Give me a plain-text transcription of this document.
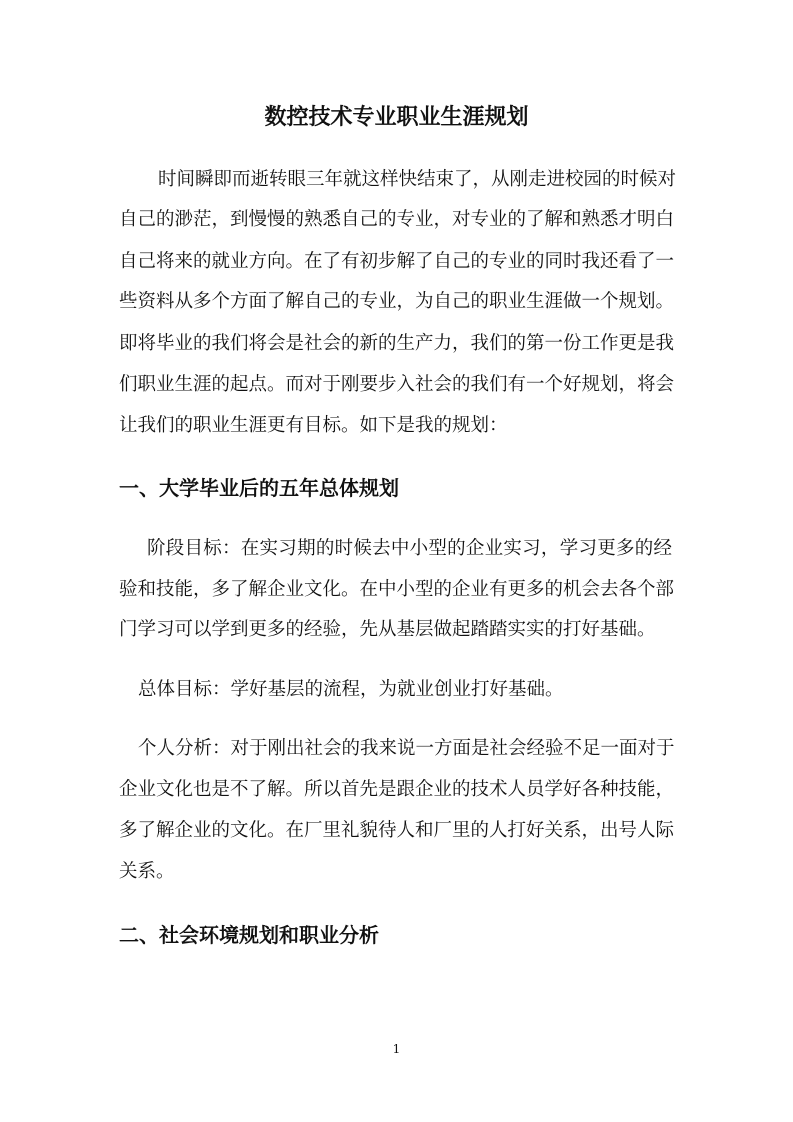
数控技术专业职业生涯规划
时间瞬即而逝转眼三年就这样快结束了，从刚走进校园的时候对
自己的渺茫，到慢慢的熟悉自己的专业，对专业的了解和熟悉才明白
自己将来的就业方向。在了有初步解了自己的专业的同时我还看了一
些资料从多个方面了解自己的专业，为自己的职业生涯做一个规划。
即将毕业的我们将会是社会的新的生产力，我们的第一份工作更是我
们职业生涯的起点。而对于刚要步入社会的我们有一个好规划，将会
让我们的职业生涯更有目标。如下是我的规划：
一、大学毕业后的五年总体规划
阶段目标：在实习期的时候去中小型的企业实习，学习更多的经
验和技能，多了解企业文化。在中小型的企业有更多的机会去各个部
门学习可以学到更多的经验，先从基层做起踏踏实实的打好基础。
总体目标：学好基层的流程，为就业创业打好基础。
个人分析：对于刚出社会的我来说一方面是社会经验不足一面对于
企业文化也是不了解。所以首先是跟企业的技术人员学好各种技能，
多了解企业的文化。在厂里礼貌待人和厂里的人打好关系，出号人际
关系。
二、社会环境规划和职业分析
1
